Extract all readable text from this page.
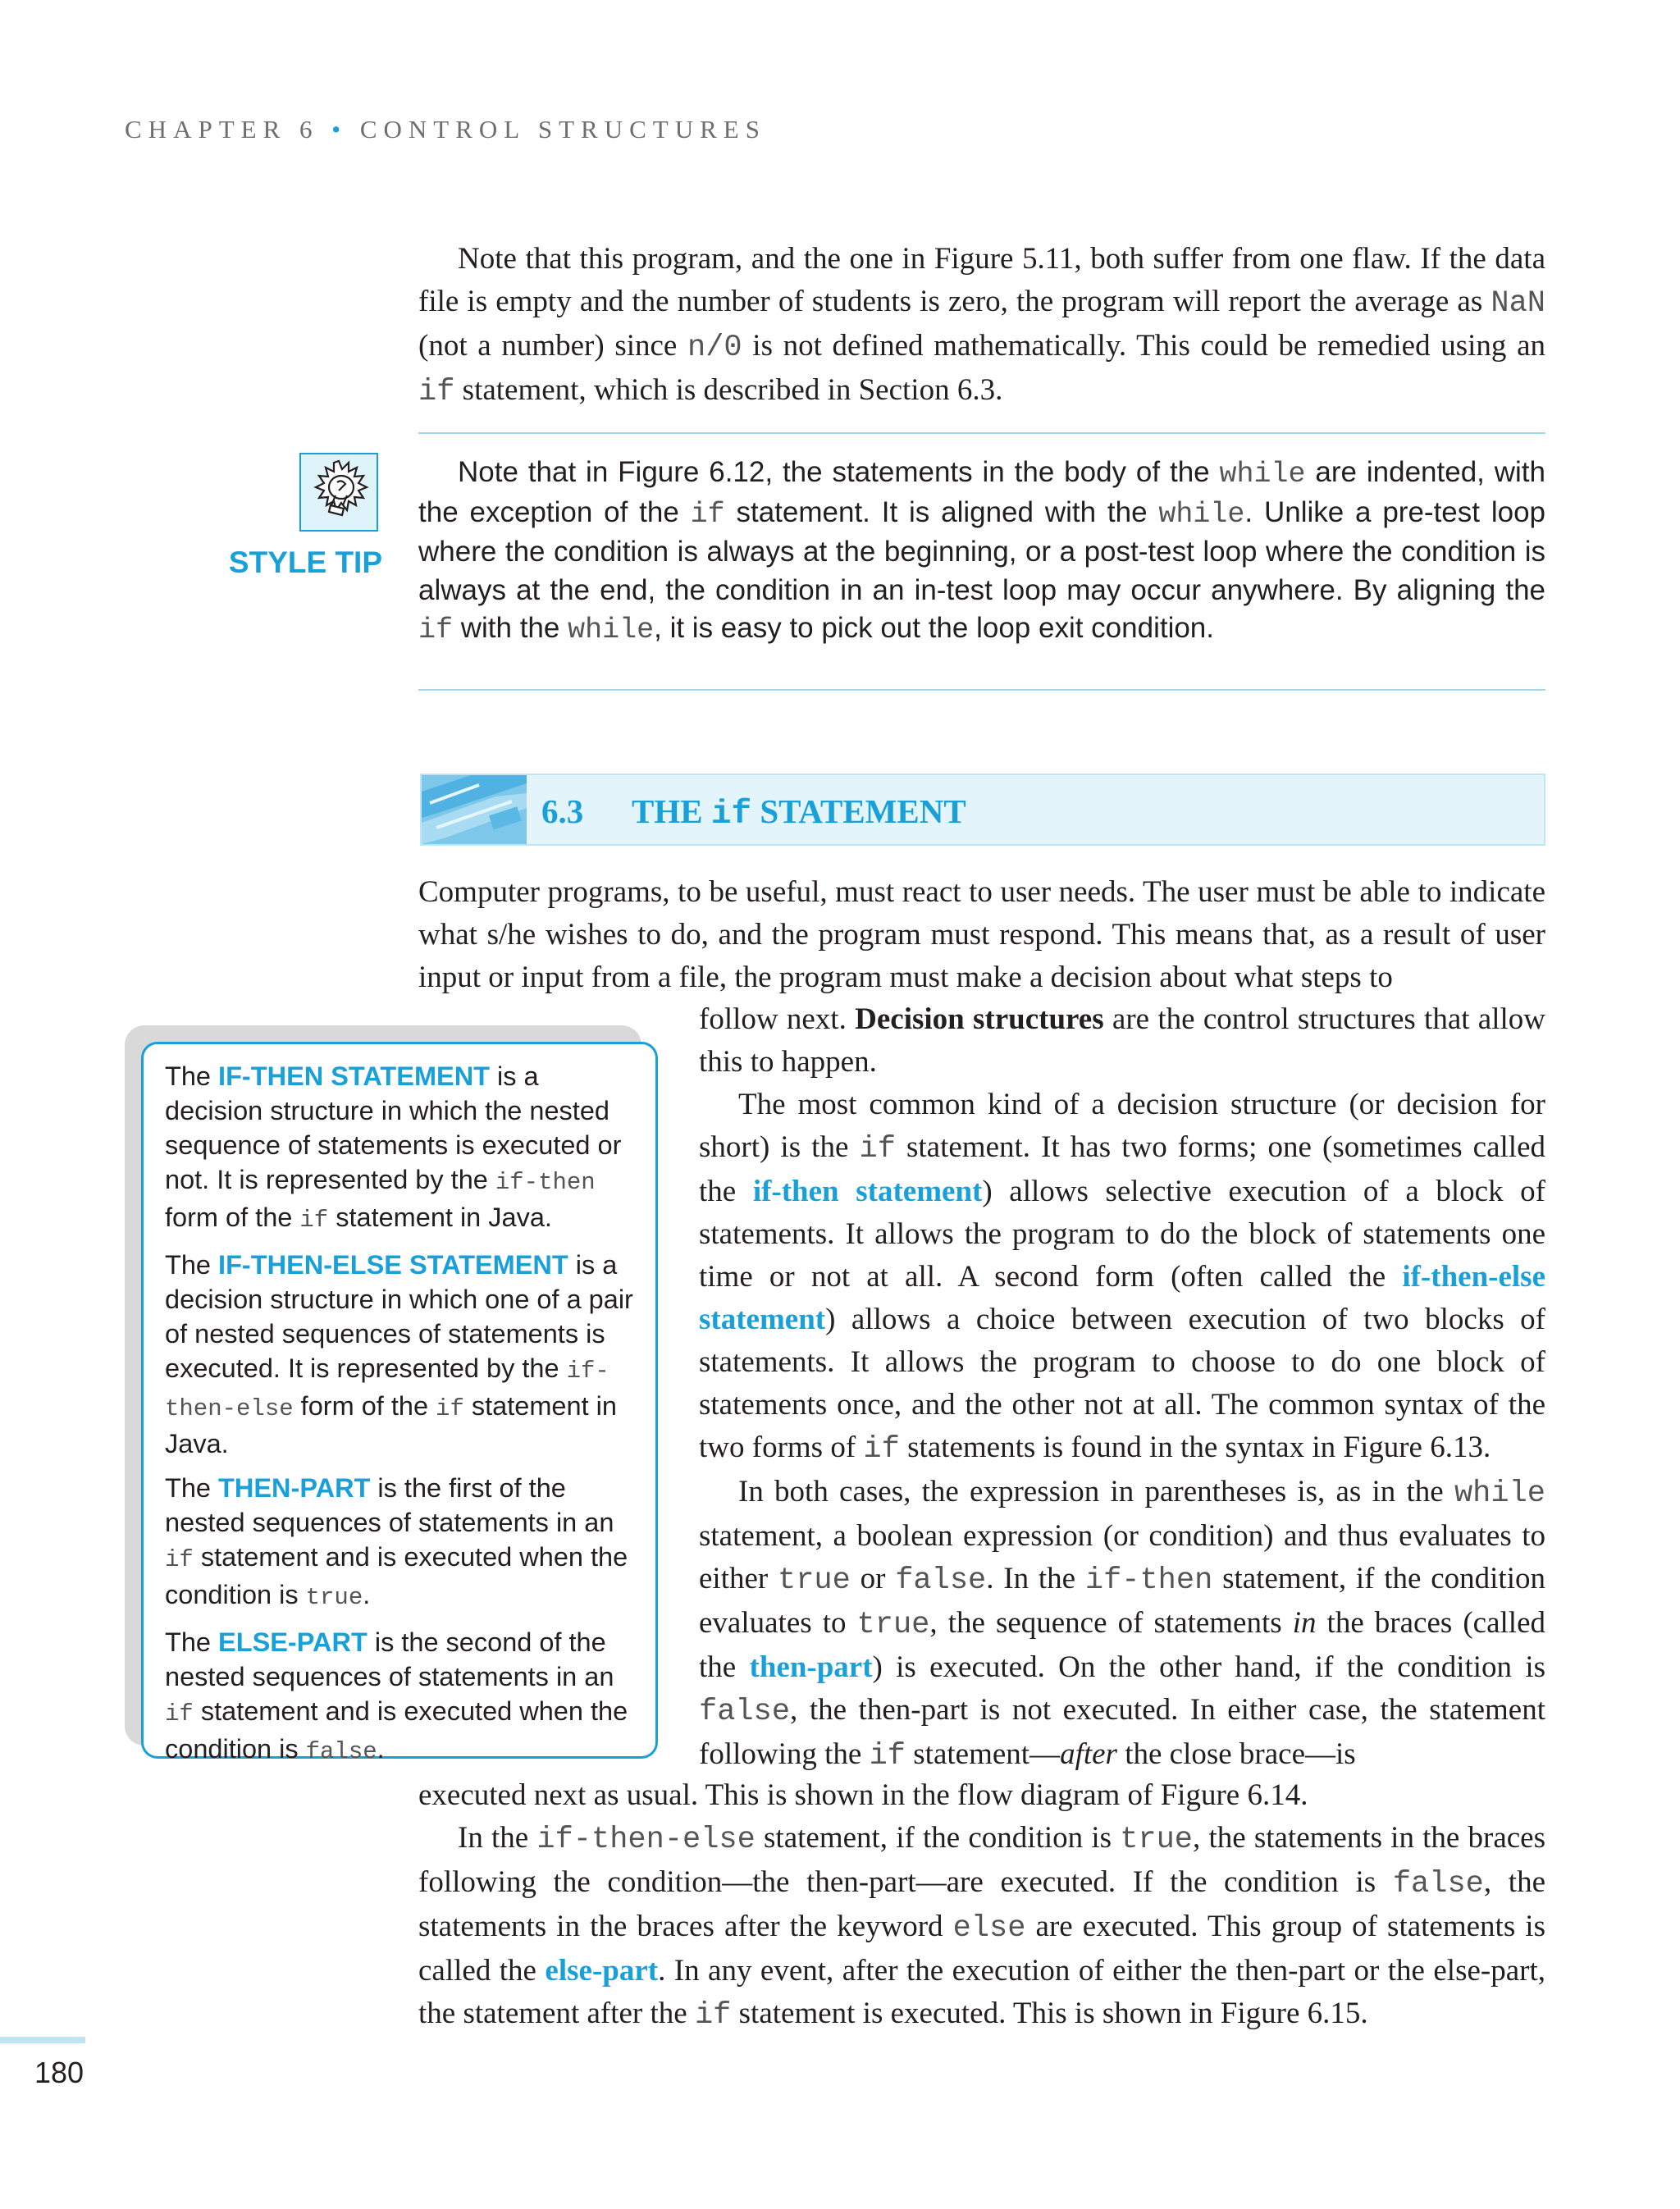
CHAPTER 6 • CONTROL STRUCTURES

Note that this program, and the one in Figure 5.11, both suffer from one flaw. If the data file is empty and the number of students is zero, the program will report the average as NaN (not a number) since n/0 is not defined mathematically. This could be remedied using an if statement, which is described in Section 6.3.

STYLE TIP
Note that in Figure 6.12, the statements in the body of the while are indented, with the exception of the if statement. It is aligned with the while. Unlike a pre-test loop where the condition is always at the beginning, or a post-test loop where the condition is always at the end, the condition in an in-test loop may occur anywhere. By aligning the if with the while, it is easy to pick out the loop exit condition.
6.3 THE if STATEMENT

Computer programs, to be useful, must react to user needs. The user must be able to indicate what s/he wishes to do, and the program must respond. This means that, as a result of user input or input from a file, the program must make a decision about what steps to

The IF-THEN STATEMENT is a decision structure in which the nested sequence of statements is executed or not. It is represented by the if-then form of the if statement in Java.

The IF-THEN-ELSE STATEMENT is a decision structure in which one of a pair of nested sequences of statements is executed. It is represented by the if-then-else form of the if statement in Java.

The THEN-PART is the first of the nested sequences of statements in an if statement and is executed when the condition is true.

The ELSE-PART is the second of the nested sequences of statements in an if statement and is executed when the condition is false.

follow next. Decision structures are the control structures that allow this to happen.

The most common kind of a decision structure (or decision for short) is the if statement. It has two forms; one (sometimes called the if-then statement) allows selective execution of a block of statements. It allows the program to do the block of statements one time or not at all. A second form (often called the if-then-else statement) allows a choice between execution of two blocks of statements. It allows the program to choose to do one block of statements once, and the other not at all. The common syntax of the two forms of if statements is found in the syntax in Figure 6.13.

In both cases, the expression in parentheses is, as in the while statement, a boolean expression (or condition) and thus evaluates to either true or false. In the if-then statement, if the condition evaluates to true, the sequence of statements in the braces (called the then-part) is executed. On the other hand, if the condition is false, the then-part is not executed. In either case, the statement following the if statement—after the close brace—is

executed next as usual. This is shown in the flow diagram of Figure 6.14.

In the if-then-else statement, if the condition is true, the statements in the braces following the condition—the then-part—are executed. If the condition is false, the statements in the braces after the keyword else are executed. This group of statements is called the else-part. In any event, after the execution of either the then-part or the else-part, the statement after the if statement is executed. This is shown in Figure 6.15.

180
